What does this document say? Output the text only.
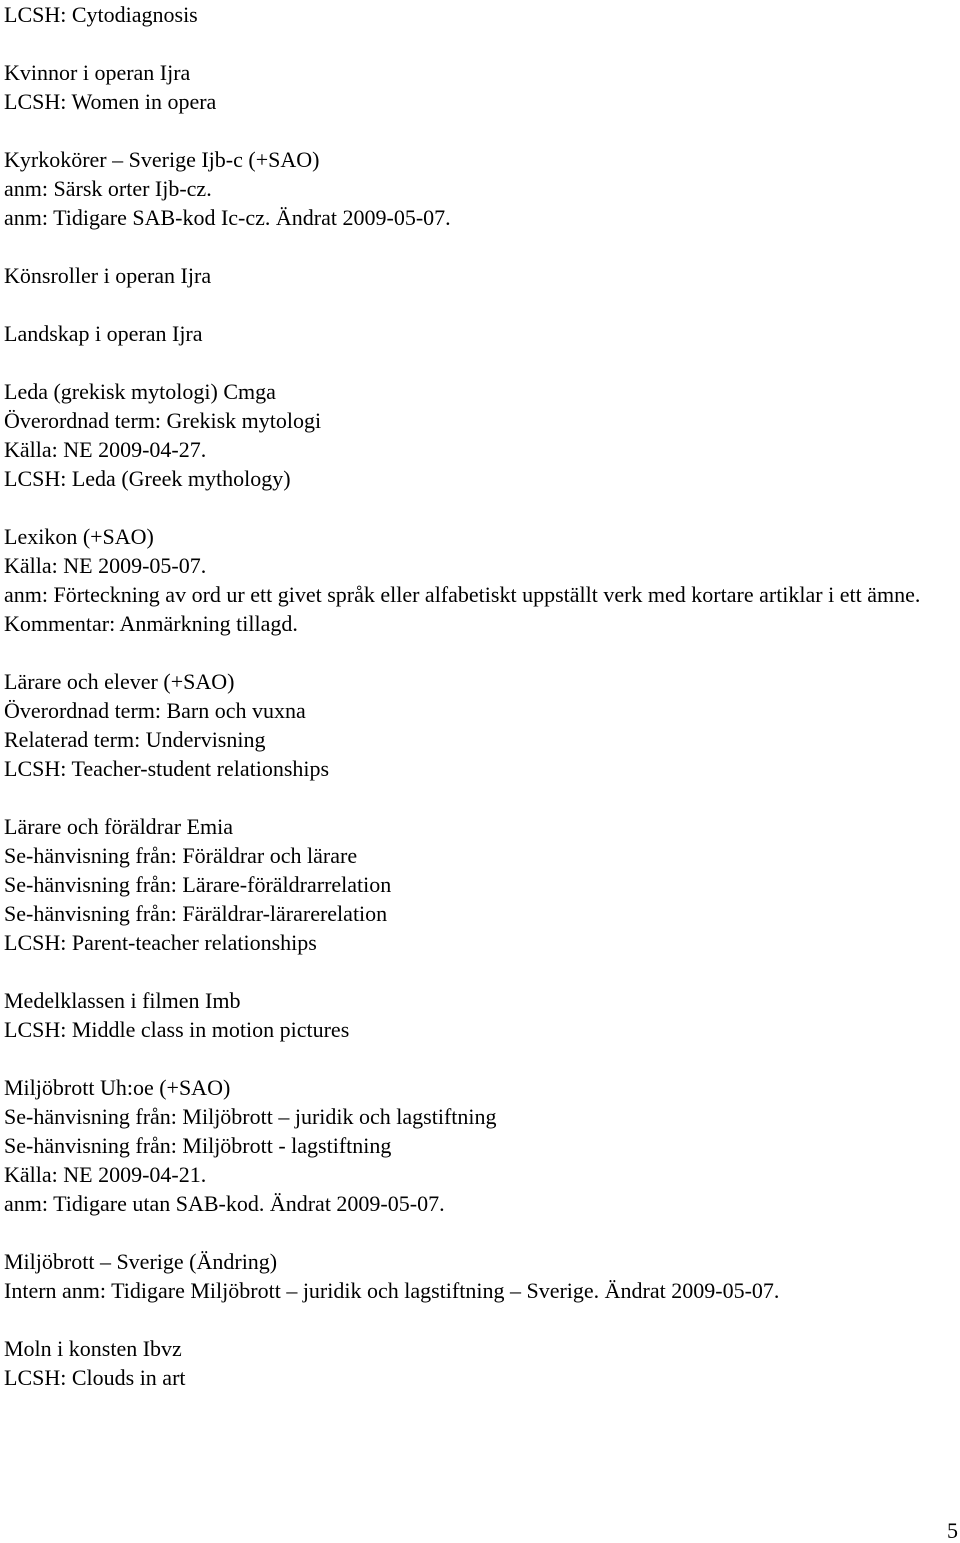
LCSH: Cytodiagnosis
Kvinnor i operan Ijra
LCSH: Women in opera
Kyrkokörer – Sverige Ijb-c (+SAO)
anm: Särsk orter Ijb-cz.
anm: Tidigare SAB-kod Ic-cz. Ändrat 2009-05-07.
Könsroller i operan Ijra
Landskap i operan Ijra
Leda (grekisk mytologi) Cmga
Överordnad term: Grekisk mytologi
Källa: NE 2009-04-27.
LCSH: Leda (Greek mythology)
Lexikon (+SAO)
Källa: NE 2009-05-07.
anm: Förteckning av ord ur ett givet språk eller alfabetiskt uppställt verk med kortare artiklar i ett ämne.
Kommentar: Anmärkning tillagd.
Lärare och elever (+SAO)
Överordnad term: Barn och vuxna
Relaterad term: Undervisning
LCSH: Teacher-student relationships
Lärare och föräldrar Emia
Se-hänvisning från: Föräldrar och lärare
Se-hänvisning från: Lärare-föräldrarrelation
Se-hänvisning från: Färäldrar-lärarerelation
LCSH: Parent-teacher relationships
Medelklassen i filmen Imb
LCSH: Middle class in motion pictures
Miljöbrott Uh:oe (+SAO)
Se-hänvisning från: Miljöbrott – juridik och lagstiftning
Se-hänvisning från: Miljöbrott - lagstiftning
Källa: NE 2009-04-21.
anm: Tidigare utan SAB-kod. Ändrat 2009-05-07.
Miljöbrott – Sverige (Ändring)
Intern anm: Tidigare Miljöbrott – juridik och lagstiftning – Sverige. Ändrat 2009-05-07.
Moln i konsten Ibvz
LCSH: Clouds in art
5
